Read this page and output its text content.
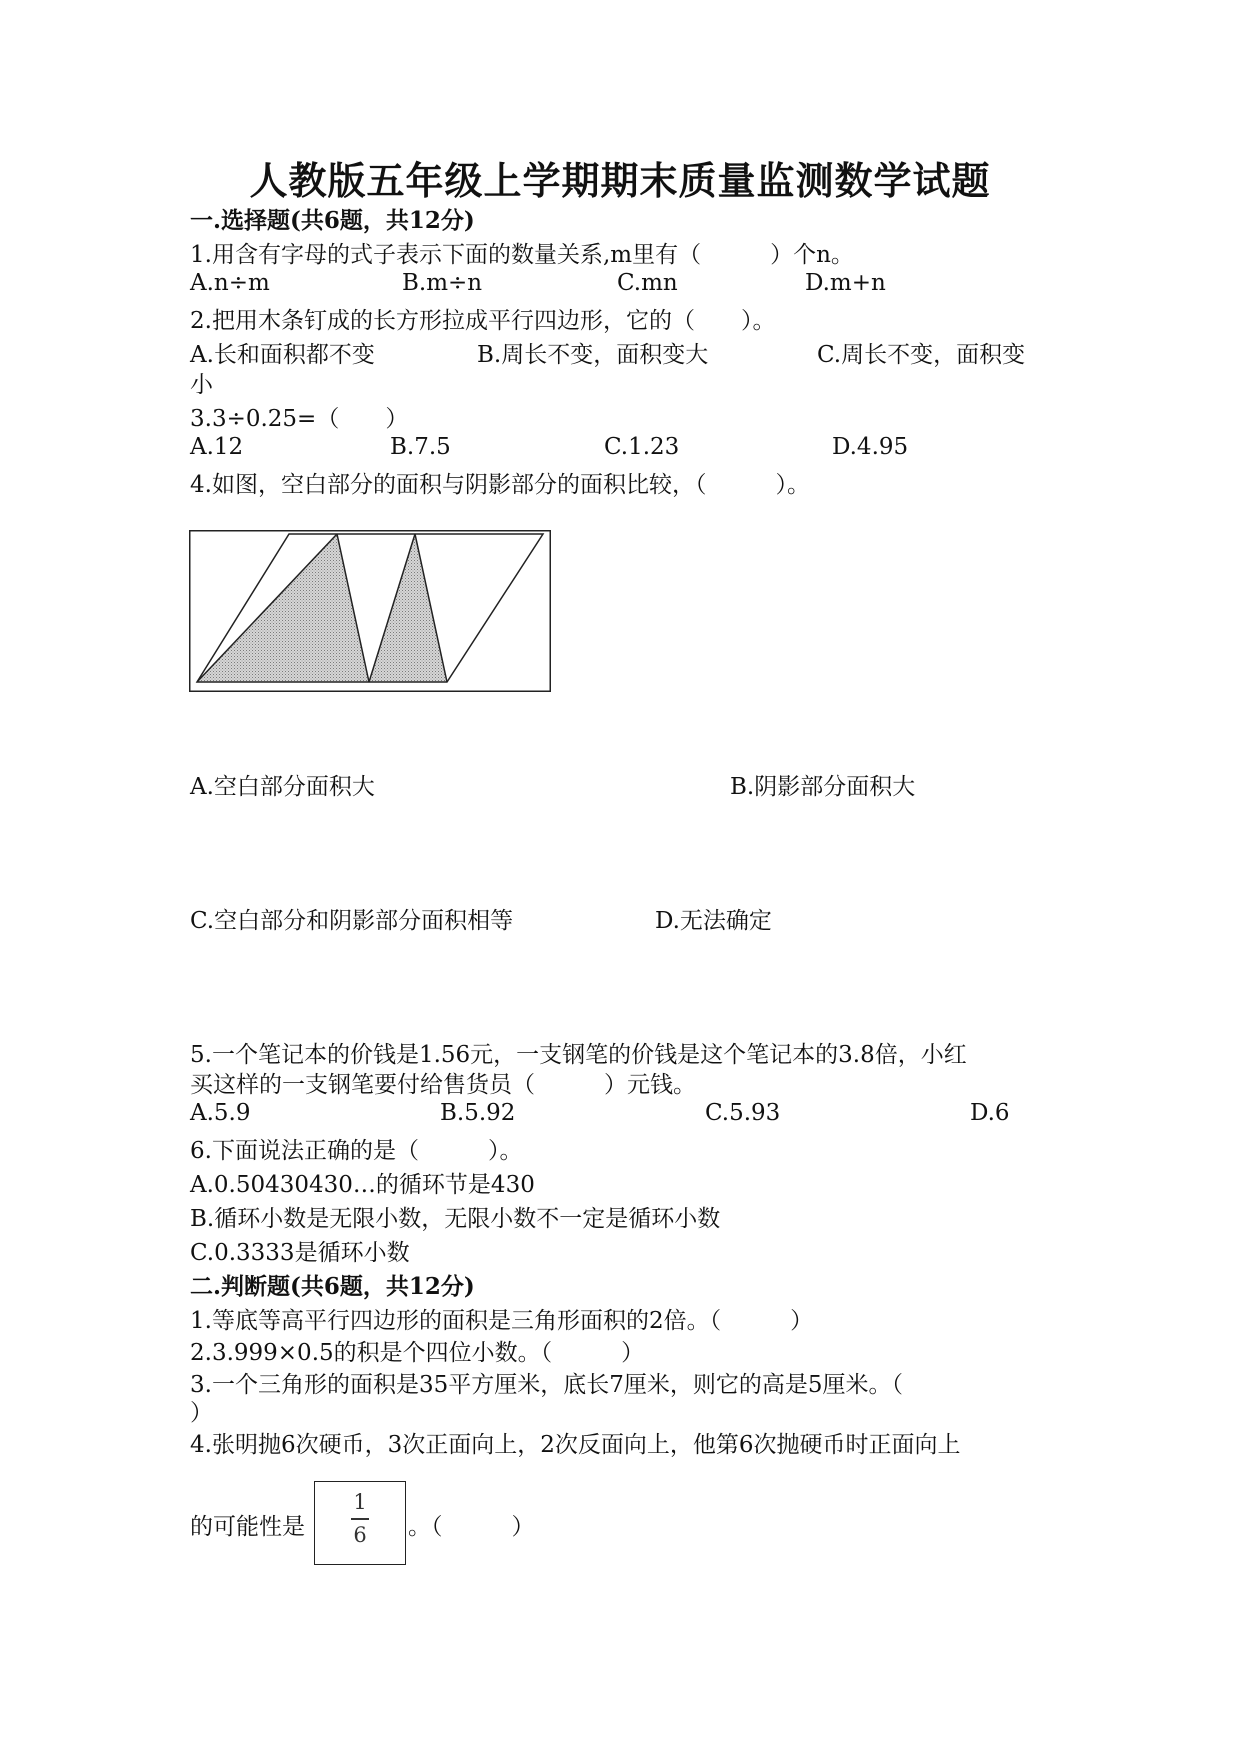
人教版五年级上学期期末质量监测数学试题
一.选择题(共6题，共12分)
1.用含有字母的式子表示下面的数量关系,m里有（　　　）个n。
A.n÷m	B.m÷n	C.mn	D.m+n
2.把用木条钉成的长方形拉成平行四边形，它的（　　）。
A.长和面积都不变	B.周长不变，面积变大	C.周长不变，面积变
小
3.3÷0.25=（　　）
A.12	B.7.5	C.1.23	D.4.95
4.如图，空白部分的面积与阴影部分的面积比较，（　　　）。
A.空白部分面积大	B.阴影部分面积大
C.空白部分和阴影部分面积相等	D.无法确定
5.一个笔记本的价钱是1.56元，一支钢笔的价钱是这个笔记本的3.8倍，小红
买这样的一支钢笔要付给售货员（　　　）元钱。
A.5.9	B.5.92	C.5.93	D.6
6.下面说法正确的是（　　　）。
A.0.50430430…的循环节是430
B.循环小数是无限小数，无限小数不一定是循环小数
C.0.3333是循环小数
二.判断题(共6题，共12分)
1.等底等高平行四边形的面积是三角形面积的2倍。（　　　）
2.3.999×0.5的积是个四位小数。（　　　）
3.一个三角形的面积是35平方厘米，底长7厘米，则它的高是5厘米。（
）
4.张明抛6次硬币，3次正面向上，2次反面向上，他第6次抛硬币时正面向上
的可能性是
1
6	。（　　　）
